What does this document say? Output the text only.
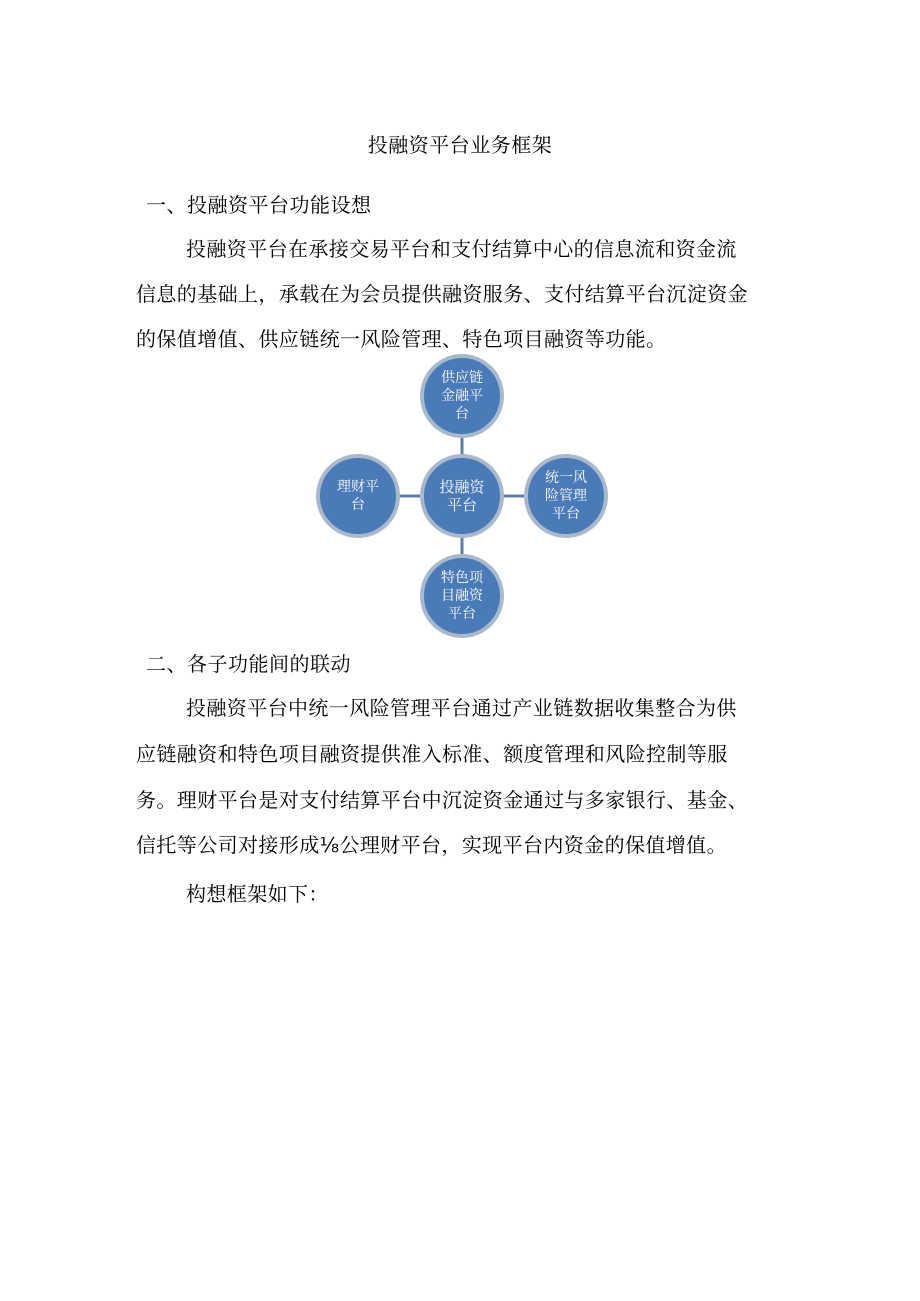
投融资平台业务框架
一、投融资平台功能设想
投融资平台在承接交易平台和支付结算中心的信息流和资金流
信息的基础上，承载在为会员提供融资服务、支付结算平台沉淀资金
的保值增值、供应链统一风险管理、特色项目融资等功能。
供应链
金融平
台
理财平
台
投融资
平台
统一风
险管理
平台
特色项
目融资
平台
二、各子功能间的联动
投融资平台中统一风险管理平台通过产业链数据收集整合为供
应链融资和特色项目融资提供准入标准、额度管理和风险控制等服
务。理财平台是对支付结算平台中沉淀资金通过与多家银行、基金、
信托等公司对接形成⅛公理财平台，实现平台内资金的保值增值。
构想框架如下：
